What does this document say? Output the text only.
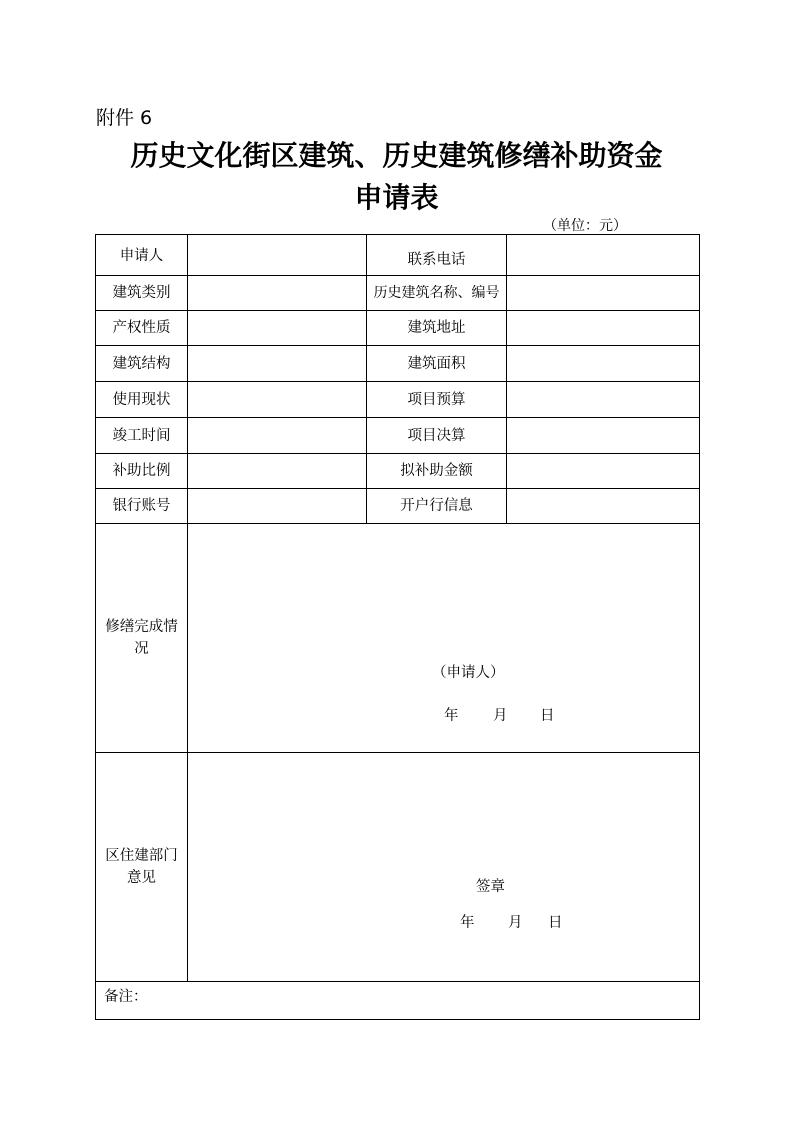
附件 6
历史文化街区建筑、历史建筑修缮补助资金
申请表
（单位：元）
申请人	联系电话
建筑类别	历史建筑名称、编号
产权性质	建筑地址
建筑结构	建筑面积
使用现状	项目预算
竣工时间	项目决算
补助比例	拟补助金额
银行账号	开户行信息
修缮完成情况
（申请人）
年 月 日
区住建部门意见
签章
年 月 日
备注：
